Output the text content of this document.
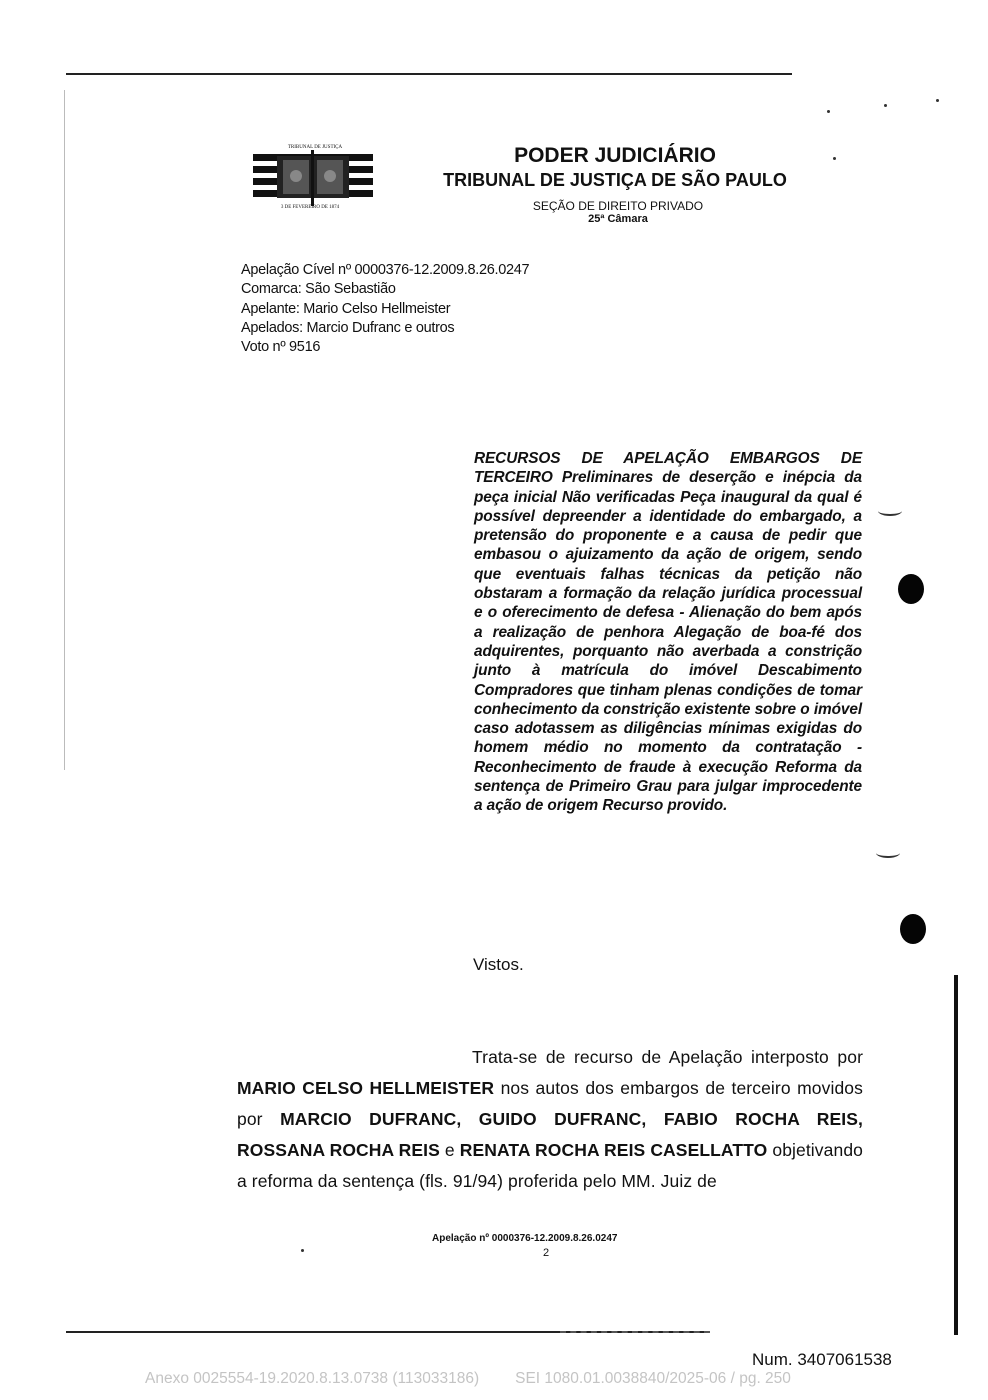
TRIBUNAL DE JUSTIÇA
3 DE FEVEREIRO DE 1874
PODER JUDICIÁRIO
TRIBUNAL DE JUSTIÇA DE SÃO PAULO
SEÇÃO DE DIREITO PRIVADO
25ª Câmara
Apelação Cível nº 0000376-12.2009.8.26.0247
Comarca: São Sebastião
Apelante: Mario Celso Hellmeister
Apelados: Marcio Dufranc e outros
Voto nº 9516
RECURSOS DE APELAÇÃO EMBARGOS DE TERCEIRO Preliminares de deserção e inépcia da peça inicial Não verificadas Peça inaugural da qual é possível depreender a identidade do embargado, a pretensão do proponente e a causa de pedir que embasou o ajuizamento da ação de origem, sendo que eventuais falhas técnicas da petição não obstaram a formação da relação jurídica processual e o oferecimento de defesa - Alienação do bem após a realização de penhora Alegação de boa-fé dos adquirentes, porquanto não averbada a constrição junto à matrícula do imóvel Descabimento Compradores que tinham plenas condições de tomar conhecimento da constrição existente sobre o imóvel caso adotassem as diligências mínimas exigidas do homem médio no momento da contratação - Reconhecimento de fraude à execução Reforma da sentença de Primeiro Grau para julgar improcedente a ação de origem Recurso provido.
Vistos.
Trata-se de recurso de Apelação interposto por MARIO CELSO HELLMEISTER nos autos dos embargos de terceiro movidos por MARCIO DUFRANC, GUIDO DUFRANC, FABIO ROCHA REIS, ROSSANA ROCHA REIS e RENATA ROCHA REIS CASELLATTO objetivando a reforma da sentença (fls. 91/94) proferida pelo MM. Juiz de
Apelação nº 0000376-12.2009.8.26.0247
2
Num. 3407061538
Anexo 0025554-19.2020.8.13.0738 (113033186) SEI 1080.01.0038840/2025-06 / pg. 250
